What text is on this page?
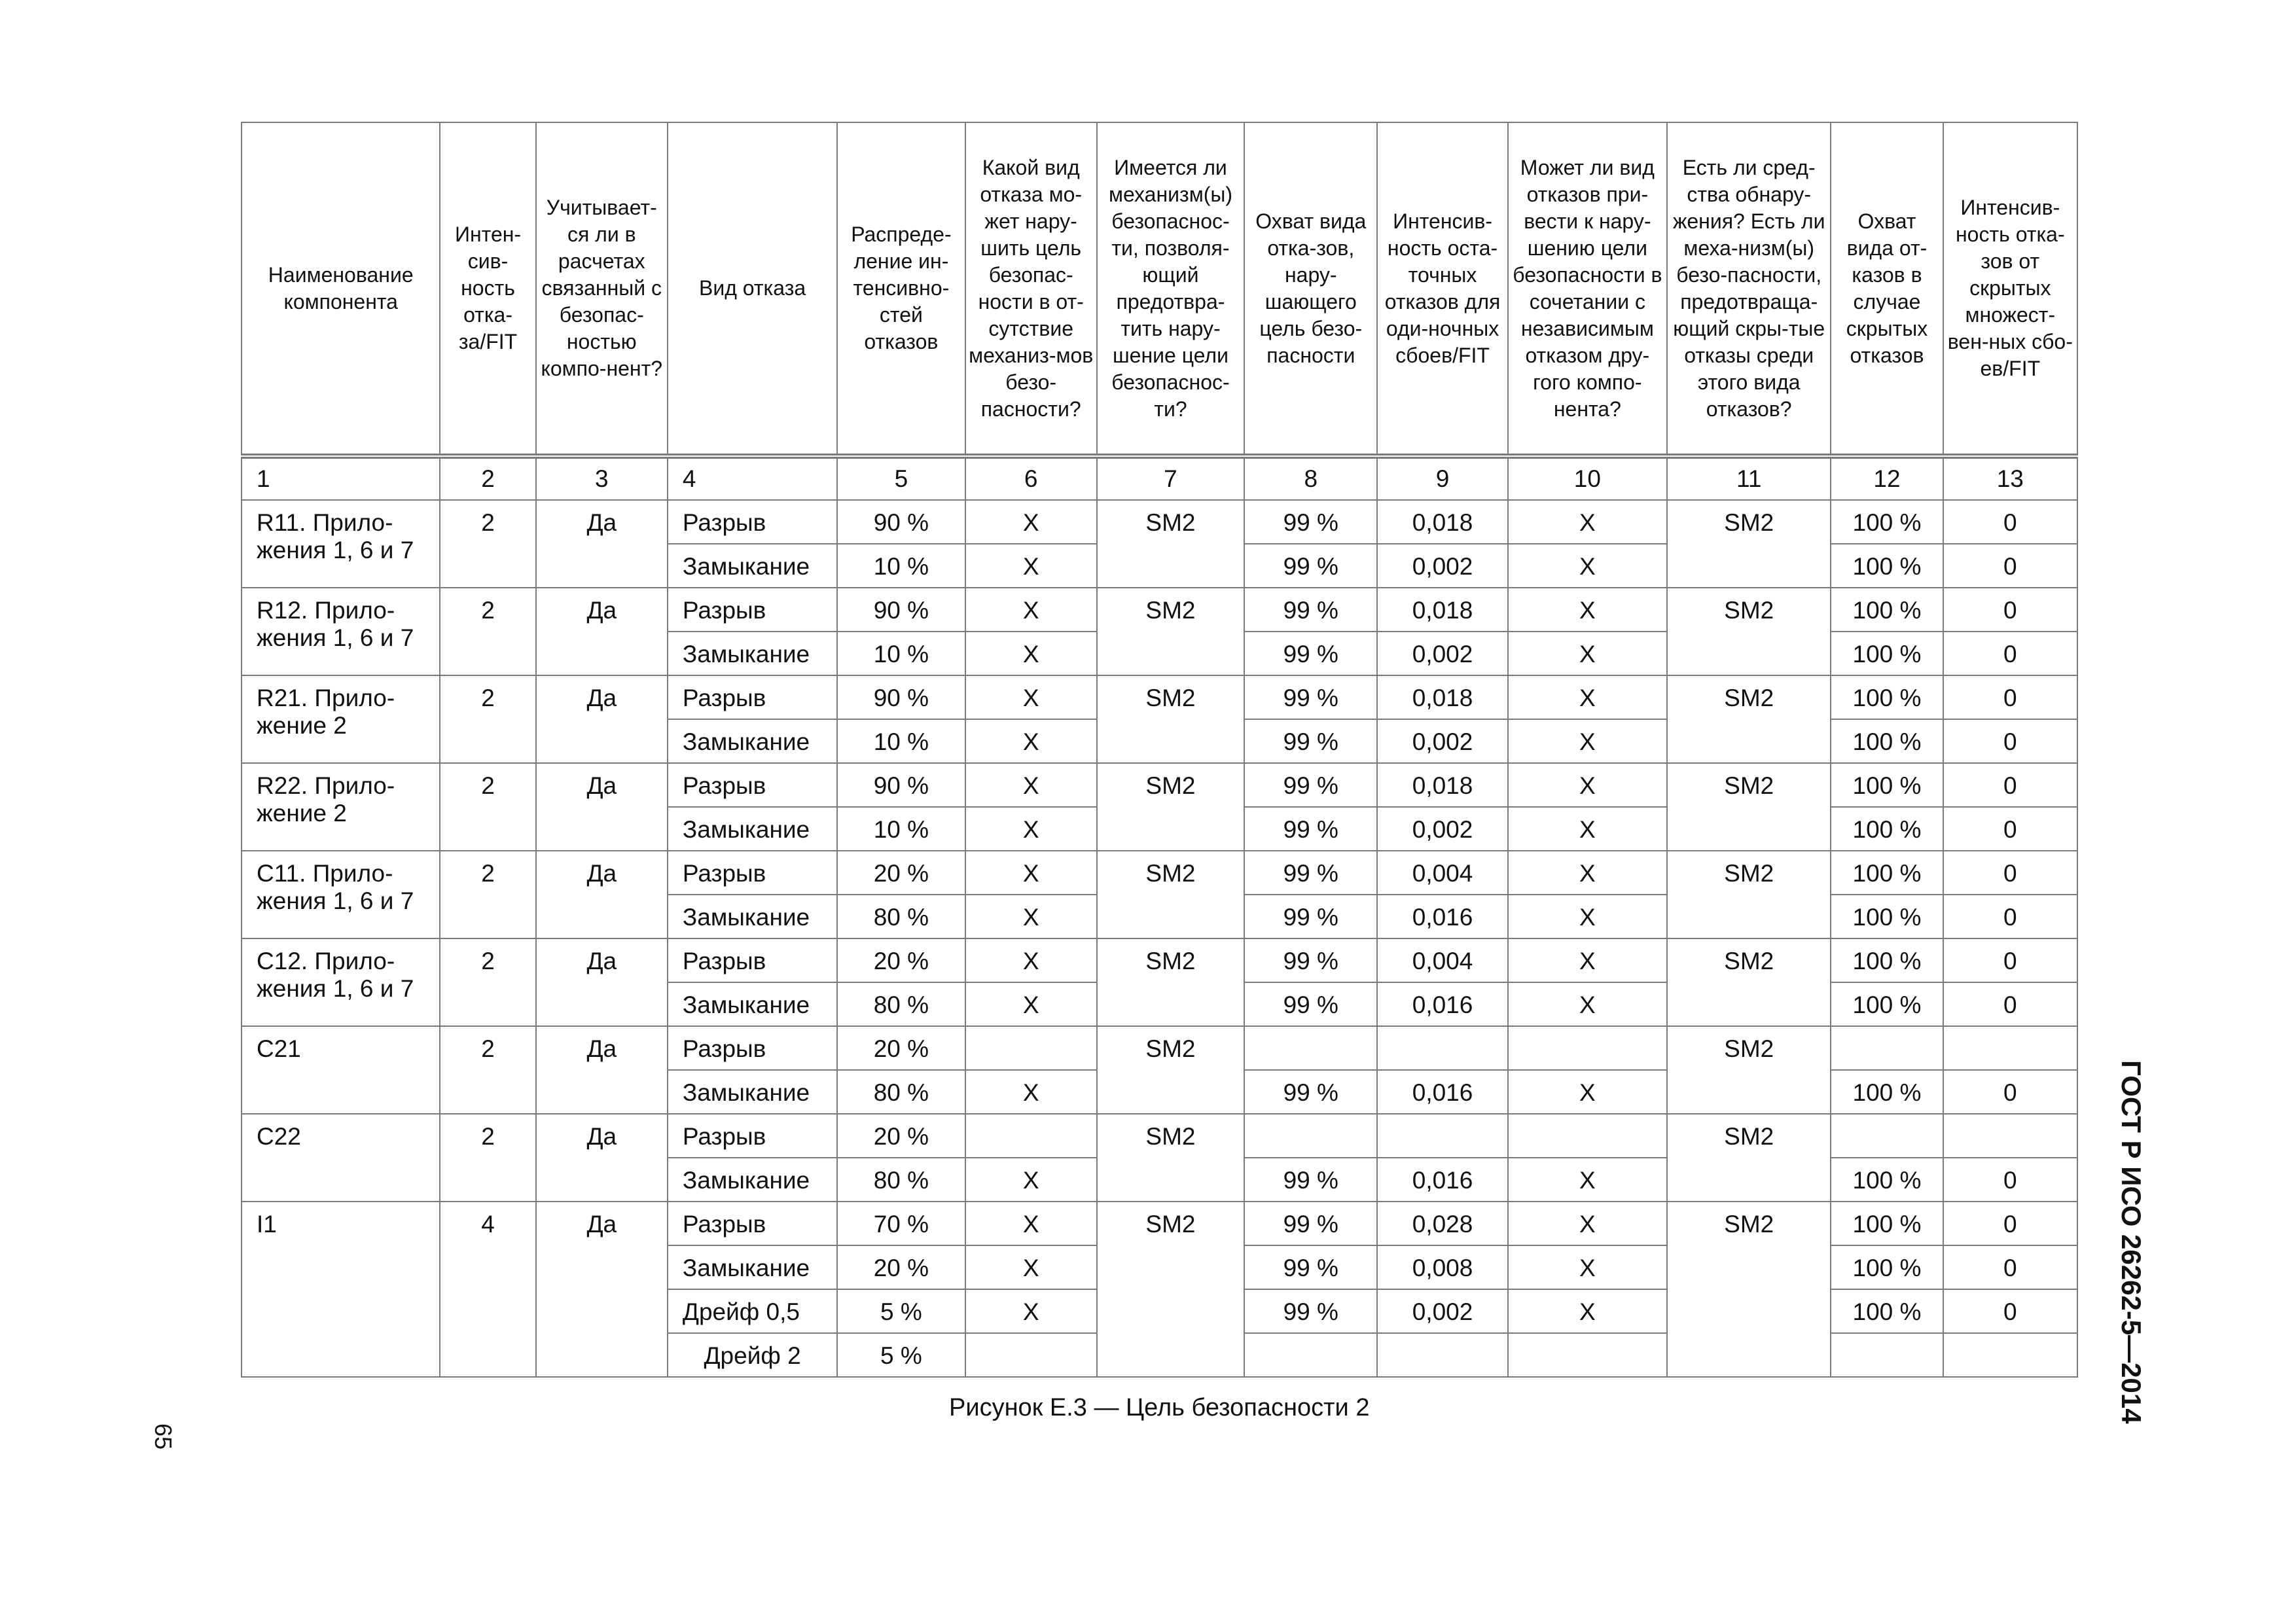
Наименование компонента	Интен-сив-ность отка-за/FIT	Учитывает-ся ли в расчетах связанный с безопас-ностью компо-нент?	Вид отказа	Распреде-ление ин-тенсивно-стей отказов	Какой вид отказа мо-жет нару-шить цель безопас-ности в от-сутствие механиз-мов безо-пасности?	Имеется ли механизм(ы) безопаснос-ти, позволя-ющий предотвра-тить нару-шение цели безопаснос-ти?	Охват вида отка-зов, нару-шающего цель безо-пасности	Интенсив-ность оста-точных отказов для оди-ночных сбоев/FIT	Может ли вид отказов при-вести к нару-шению цели безопасности в сочетании с независимым отказом дру-гого компо-нента?	Есть ли сред-ства обнару-жения? Есть ли меха-низм(ы) безо-пасности, предотвраща-ющий скры-тые отказы среди этого вида отказов?	Охват вида от-казов в случае скрытых отказов	Интенсив-ность отка-зов от скрытых множест-вен-ных сбо-ев/FIT
1	2	3	4	5	6	7	8	9	10	11	12	13
R11. Прило-жения 1, 6 и 7	2	Да	Разрыв	90 %	X	SM2	99 %	0,018	X	SM2	100 %	0
			Замыкание	10 %	X		99 %	0,002	X		100 %	0
R12. Прило-жения 1, 6 и 7	2	Да	Разрыв	90 %	X	SM2	99 %	0,018	X	SM2	100 %	0
			Замыкание	10 %	X		99 %	0,002	X		100 %	0
R21. Прило-жение 2	2	Да	Разрыв	90 %	X	SM2	99 %	0,018	X	SM2	100 %	0
			Замыкание	10 %	X		99 %	0,002	X		100 %	0
R22. Прило-жение 2	2	Да	Разрыв	90 %	X	SM2	99 %	0,018	X	SM2	100 %	0
			Замыкание	10 %	X		99 %	0,002	X		100 %	0
C11. Прило-жения 1, 6 и 7	2	Да	Разрыв	20 %	X	SM2	99 %	0,004	X	SM2	100 %	0
			Замыкание	80 %	X		99 %	0,016	X		100 %	0
C12. Прило-жения 1, 6 и 7	2	Да	Разрыв	20 %	X	SM2	99 %	0,004	X	SM2	100 %	0
			Замыкание	80 %	X		99 %	0,016	X		100 %	0
C21	2	Да	Разрыв	20 %		SM2				SM2		
			Замыкание	80 %	X		99 %	0,016	X		100 %	0
C22	2	Да	Разрыв	20 %		SM2				SM2		
			Замыкание	80 %	X		99 %	0,016	X		100 %	0
I1	4	Да	Разрыв	70 %	X	SM2	99 %	0,028	X	SM2	100 %	0
			Замыкание	20 %	X		99 %	0,008	X		100 %	0
			Дрейф 0,5	5 %	X		99 %	0,002	X		100 %	0
			Дрейф 2	5 %								
Рисунок Е.3 — Цель безопасности 2
65
ГОСТ Р ИСО 26262-5—2014
